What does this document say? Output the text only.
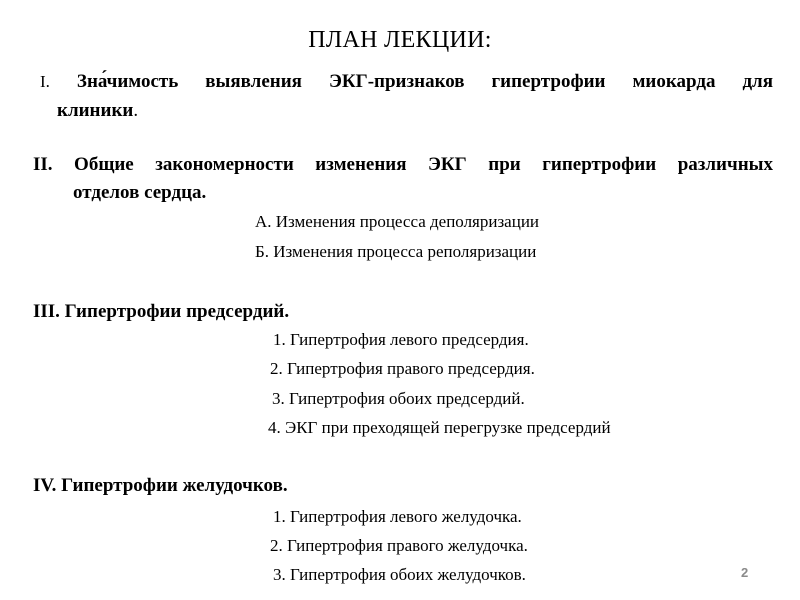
ПЛАН ЛЕКЦИИ:
I. Зна́чимость выявления ЭКГ-признаков гипертрофии миокарда для
клиники.
II. Общие закономерности изменения ЭКГ при гипертрофии различных
отделов сердца.
А. Изменения процесса деполяризации
Б. Изменения процесса реполяризации
III. Гипертрофии предсердий.
1. Гипертрофия левого предсердия.
2. Гипертрофия правого предсердия.
3. Гипертрофия обоих предсердий.
4. ЭКГ при преходящей перегрузке предсердий
IV. Гипертрофии желудочков.
1. Гипертрофия левого желудочка.
2. Гипертрофия правого желудочка.
3. Гипертрофия обоих желудочков.	2
